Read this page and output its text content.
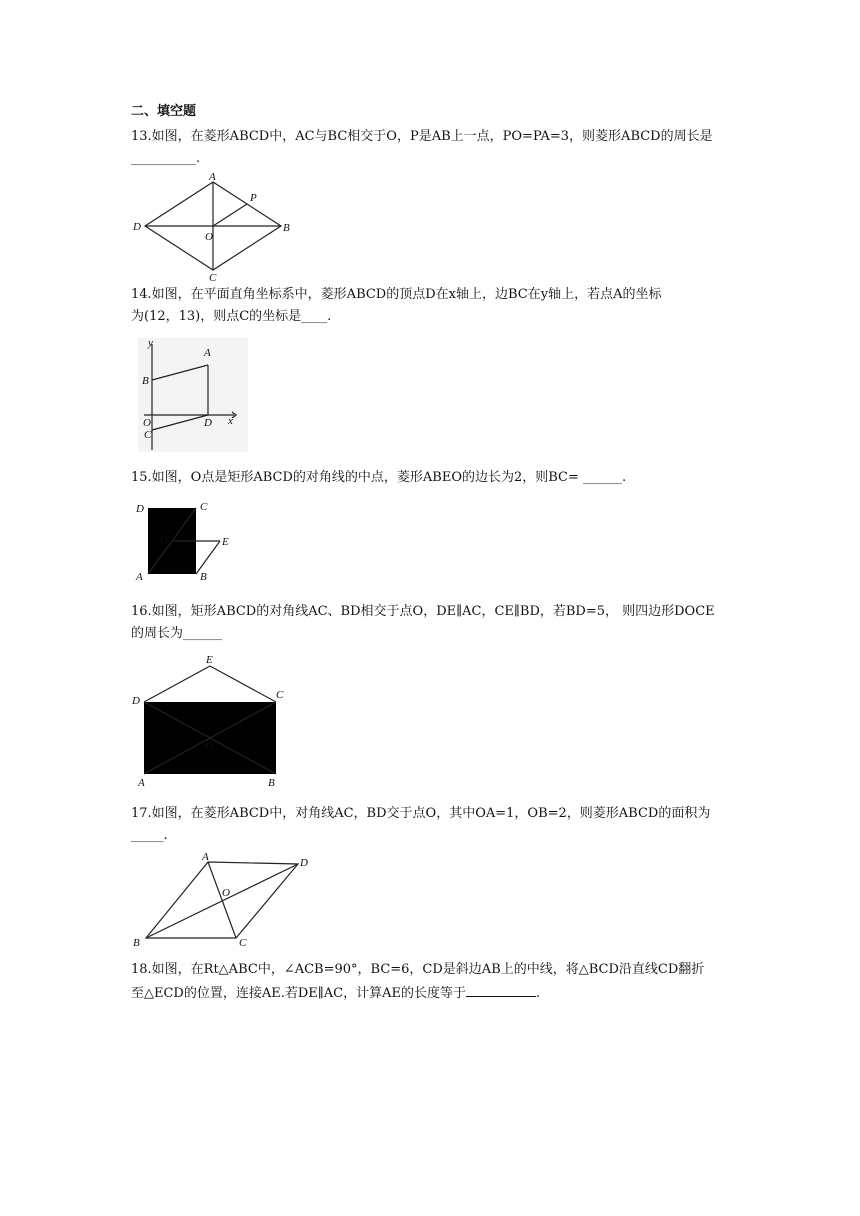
二、填空题
13.如图，在菱形ABCD中，AC与BC相交于O，P是AB上一点，PO=PA=3，则菱形ABCD的周长是
__________.
A
P
D	B
O
C
14.如图，在平面直角坐标系中，菱形ABCD的顶点D在x轴上，边BC在y轴上，若点A的坐标
为(12，13)，则点C的坐标是____.
y
A
B
O	D x
C
15.如图，O点是矩形ABCD的对角线的中点，菱形ABEO的边长为2，则BC= ______.
D	C
O	E
A	B
16.如图，矩形ABCD的对角线AC、BD相交于点O，DE∥AC，CE∥BD，若BD=5， 则四边形DOCE
的周长为______
E
D	C
O
A	B
17.如图，在菱形ABCD中，对角线AC，BD交于点O，其中OA=1，OB=2，则菱形ABCD的面积为
_____.
A	D
O
B	C
18.如图，在Rt△ABC中，∠ACB=90°，BC=6，CD是斜边AB上的中线，将△BCD沿直线CD翻折
至△ECD的位置，连接AE.若DE∥AC，计算AE的长度等于	.
